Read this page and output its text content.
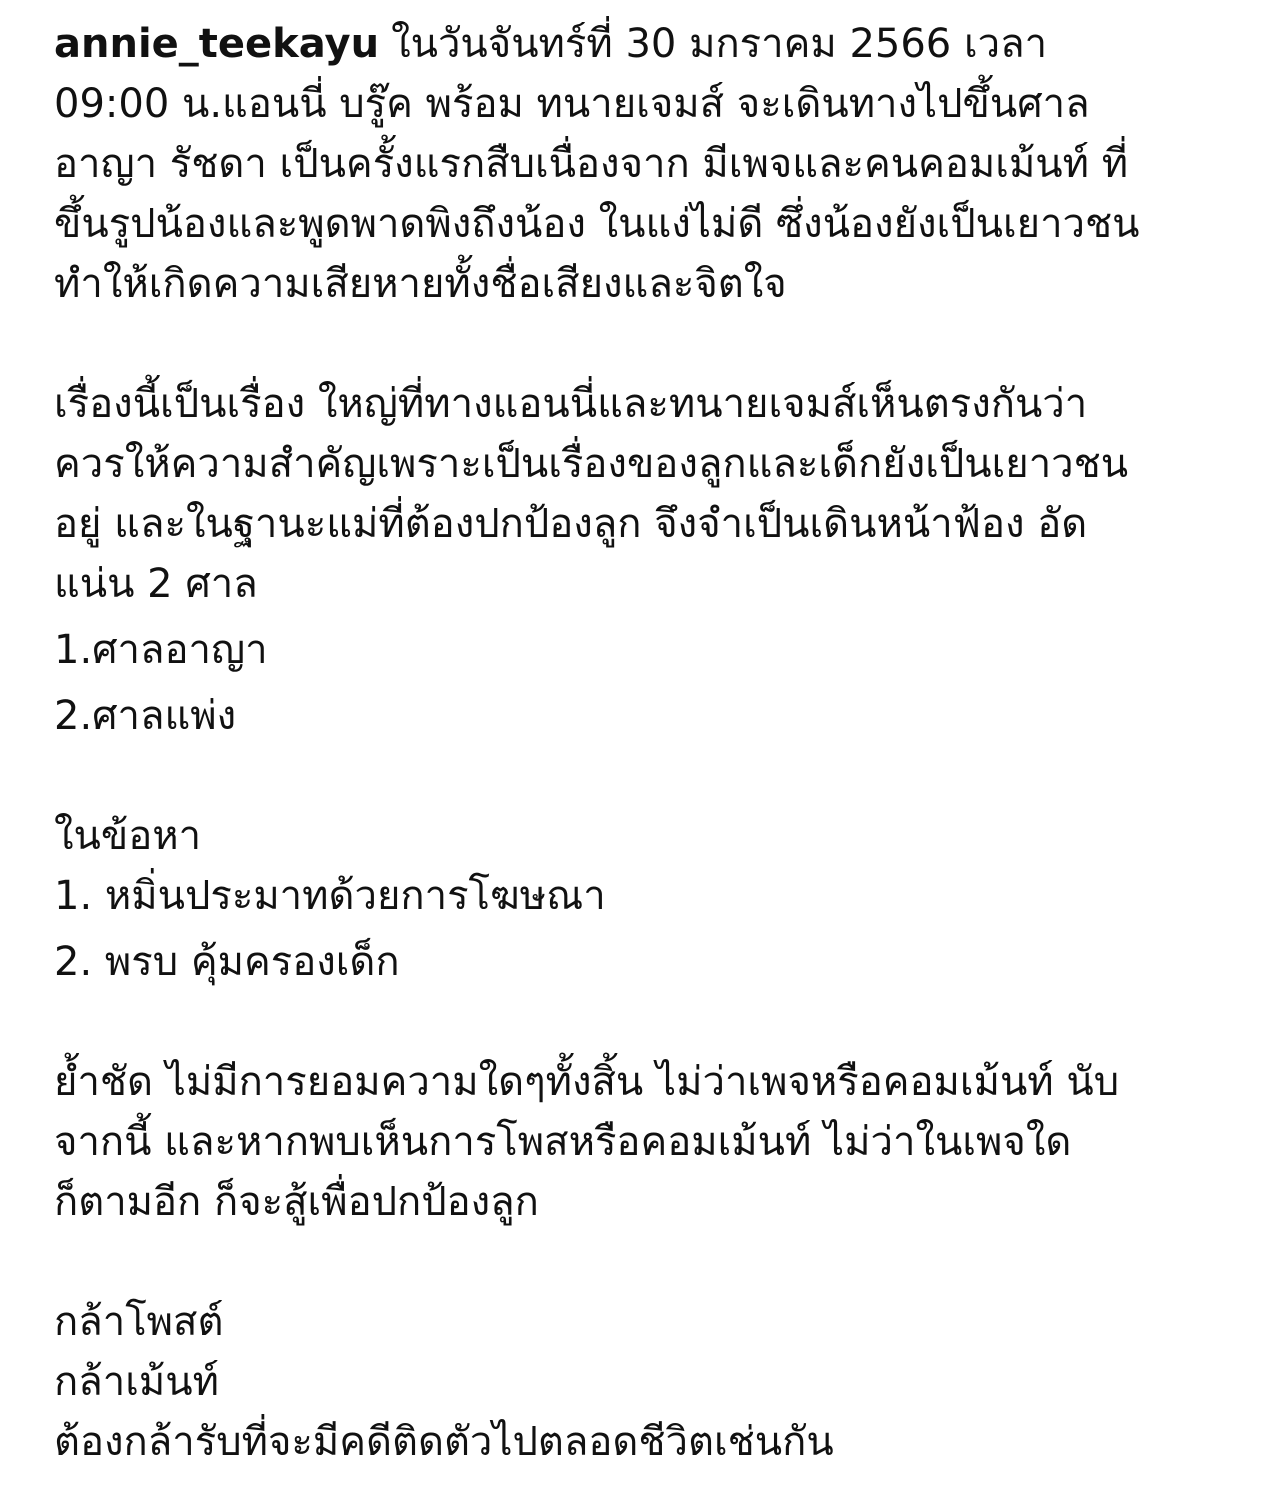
annie_teekayu ในวันจันทร์ที่ 30 มกราคม 2566 เวลา
09:00 น.แอนนี่ บรู๊ค พร้อม ทนายเจมส์ จะเดินทางไปขึ้นศาล
อาญา รัชดา เป็นครั้งแรกสืบเนื่องจาก มีเพจและคนคอมเม้นท์ ที่
ขึ้นรูปน้องและพูดพาดพิงถึงน้อง ในแง่ไม่ดี ซึ่งน้องยังเป็นเยาวชน
ทำให้เกิดความเสียหายทั้งชื่อเสียงและจิตใจ
เรื่องนี้เป็นเรื่อง ใหญ่ที่ทางแอนนี่และทนายเจมส์เห็นตรงกันว่า
ควรให้ความสำคัญเพราะเป็นเรื่องของลูกและเด็กยังเป็นเยาวชน
อยู่ และในฐานะแม่ที่ต้องปกป้องลูก จึงจำเป็นเดินหน้าฟ้อง อัด
แน่น 2 ศาล
1.ศาลอาญา
2.ศาลแพ่ง
ในข้อหา
1. หมิ่นประมาทด้วยการโฆษณา
2. พรบ คุ้มครองเด็ก
ย้ำชัด ไม่มีการยอมความใดๆทั้งสิ้น ไม่ว่าเพจหรือคอมเม้นท์ นับ
จากนี้ และหากพบเห็นการโพสหรือคอมเม้นท์ ไม่ว่าในเพจใด
ก็ตามอีก ก็จะสู้เพื่อปกป้องลูก
กล้าโพสต์
กล้าเม้นท์
ต้องกล้ารับที่จะมีคดีติดตัวไปตลอดชีวิตเช่นกัน
